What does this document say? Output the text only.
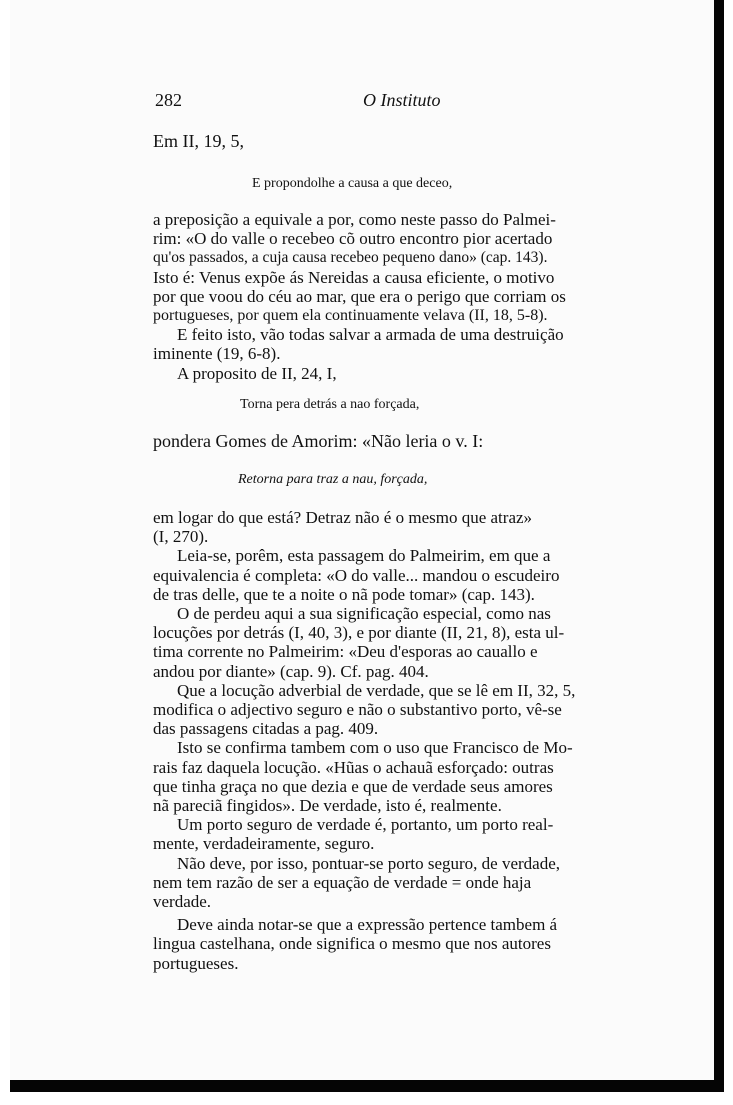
282	O Instituto
Em II, 19, 5,
E propondolhe a causa a que deceo,
a preposição a equivale a por, como neste passo do Palmei-
rim: «O do valle o recebeo cõ outro encontro pior acertado
qu'os passados, a cuja causa recebeo pequeno dano» (cap. 143).
Isto é: Venus expõe ás Nereidas a causa eficiente, o motivo
por que voou do céu ao mar, que era o perigo que corriam os
portugueses, por quem ela continuamente velava (II, 18, 5-8).
E feito isto, vão todas salvar a armada de uma destruição
iminente (19, 6-8).
A proposito de II, 24, I,
Torna pera detrás a nao forçada,
pondera Gomes de Amorim: «Não leria o v. I:
Retorna para traz a nau, forçada,
em logar do que está? Detraz não é o mesmo que atraz»
(I, 270).
Leia-se, porêm, esta passagem do Palmeirim, em que a
equivalencia é completa: «O do valle... mandou o escudeiro
de tras delle, que te a noite o nã pode tomar» (cap. 143).
O de perdeu aqui a sua significação especial, como nas
locuções por detrás (I, 40, 3), e por diante (II, 21, 8), esta ul-
tima corrente no Palmeirim: «Deu d'esporas ao cauallo e
andou por diante» (cap. 9). Cf. pag. 404.
Que a locução adverbial de verdade, que se lê em II, 32, 5,
modifica o adjectivo seguro e não o substantivo porto, vê-se
das passagens citadas a pag. 409.
Isto se confirma tambem com o uso que Francisco de Mo-
rais faz daquela locução. «Hũas o achauã esforçado: outras
que tinha graça no que dezia e que de verdade seus amores
nã pareciã fingidos». De verdade, isto é, realmente.
Um porto seguro de verdade é, portanto, um porto real-
mente, verdadeiramente, seguro.
Não deve, por isso, pontuar-se porto seguro, de verdade,
nem tem razão de ser a equação de verdade = onde haja
verdade.
Deve ainda notar-se que a expressão pertence tambem á
lingua castelhana, onde significa o mesmo que nos autores
portugueses.
